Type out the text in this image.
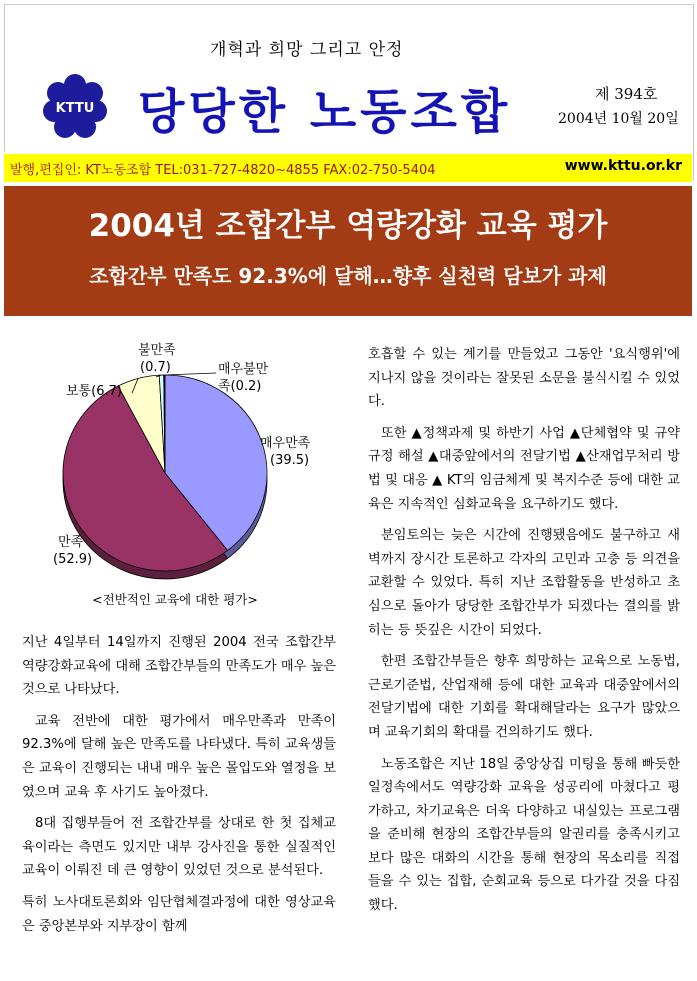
개혁과 희망 그리고 안정
KTTU 당당한 노동조합	제 394호
2004년 10월 20일
발행,편집인: KT노동조합 TEL:031-727-4820~4855 FAX:02-750-5404	www.kttu.or.kr
2004년 조합간부 역량강화 교육 평가
조합간부 만족도 92.3%에 달해…향후 실천력 담보가 과제
불만족
(0.7)	매우불만
족(0.2)
보통(6.7)
매우만족
(39.5)
만족
(52.9)
<전반적인 교육에 대한 평가>

지난 4일부터 14일까지 진행된 2004 전국 조합간부 역량강화교육에 대해 조합간부들의 만족도가 매우 높은 것으로 나타났다.

교육 전반에 대한 평가에서 매우만족과 만족이 92.3%에 달해 높은 만족도를 나타냈다. 특히 교육생들은 교육이 진행되는 내내 매우 높은 몰입도와 열정을 보였으며 교육 후 사기도 높아졌다.

8대 집행부들어 전 조합간부를 상대로 한 첫 집체교육이라는 측면도 있지만 내부 강사진을 통한 실질적인 교육이 이뤄진 데 큰 영향이 있었던 것으로 분석된다.

특히 노사대토론회와 임단협체결과정에 대한 영상교육은 중앙본부와 지부장이 함께

호흡할 수 있는 계기를 만들었고 그동안 '요식행위'에 지나지 않을 것이라는 잘못된 소문을 불식시킬 수 있었다.

또한 ▲정책과제 및 하반기 사업 ▲단체협약 및 규약규정 해설 ▲대중앞에서의 전달기법 ▲산재업무처리 방법 및 대응 ▲ KT의 임금체계 및 복지수준 등에 대한 교육은 지속적인 심화교육을 요구하기도 했다.

분임토의는 늦은 시간에 진행됐음에도 불구하고 새벽까지 장시간 토론하고 각자의 고민과 고충 등 의견을 교환할 수 있었다. 특히 지난 조합활동을 반성하고 초심으로 돌아가 당당한 조합간부가 되겠다는 결의를 밝히는 등 뜻깊은 시간이 되었다.

한편 조합간부들은 향후 희망하는 교육으로 노동법, 근로기준법, 산업재해 등에 대한 교육과 대중앞에서의 전달기법에 대한 기회를 확대해달라는 요구가 많았으며 교육기회의 확대를 건의하기도 했다.

노동조합은 지난 18일 중앙상집 미팅을 통해 빠듯한 일정속에서도 역량강화 교육을 성공리에 마쳤다고 평가하고, 차기교육은 더욱 다양하고 내실있는 프로그램을 준비해 현장의 조합간부들의 알권리를 충족시키고 보다 많은 대화의 시간을 통해 현장의 목소리를 직접 들을 수 있는 집합, 순회교육 등으로 다가갈 것을 다짐했다.
